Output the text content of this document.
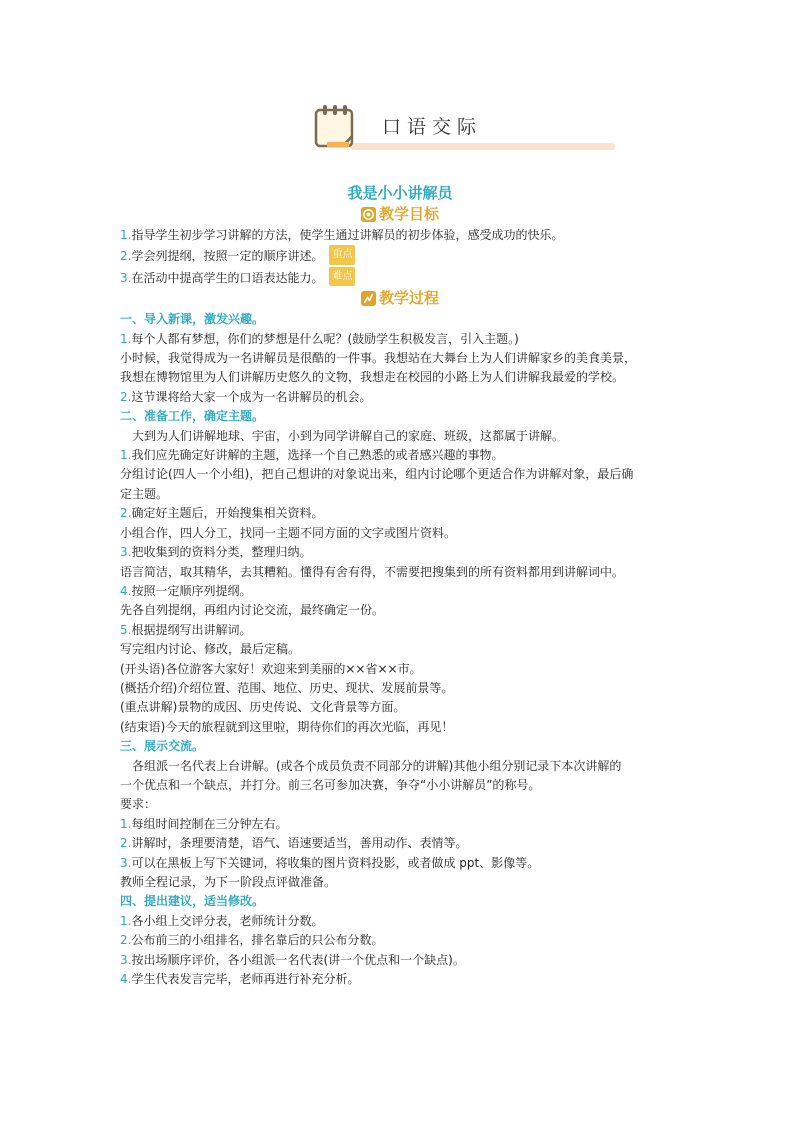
口语交际
我是小小讲解员
教学目标
1.指导学生初步学习讲解的方法，使学生通过讲解员的初步体验，感受成功的快乐。
2.学会列提纲，按照一定的顺序讲述。 重点
3.在活动中提高学生的口语表达能力。 难点
教学过程
一、导入新课，激发兴趣。
1.每个人都有梦想，你们的梦想是什么呢？(鼓励学生积极发言，引入主题。)
小时候，我觉得成为一名讲解员是很酷的一件事。我想站在大舞台上为人们讲解家乡的美食美景，
我想在博物馆里为人们讲解历史悠久的文物，我想走在校园的小路上为人们讲解我最爱的学校。
2.这节课将给大家一个成为一名讲解员的机会。
二、准备工作，确定主题。
大到为人们讲解地球、宇宙，小到为同学讲解自己的家庭、班级，这都属于讲解。
1.我们应先确定好讲解的主题，选择一个自己熟悉的或者感兴趣的事物。
分组讨论(四人一个小组)，把自己想讲的对象说出来，组内讨论哪个更适合作为讲解对象，最后确
定主题。
2.确定好主题后，开始搜集相关资料。
小组合作，四人分工，找同一主题不同方面的文字或图片资料。
3.把收集到的资料分类，整理归纳。
语言简洁，取其精华，去其糟粕。懂得有舍有得，不需要把搜集到的所有资料都用到讲解词中。
4.按照一定顺序列提纲。
先各自列提纲，再组内讨论交流，最终确定一份。
5.根据提纲写出讲解词。
写完组内讨论、修改，最后定稿。
(开头语)各位游客大家好！欢迎来到美丽的××省××市。
(概括介绍)介绍位置、范围、地位、历史、现状、发展前景等。
(重点讲解)景物的成因、历史传说、文化背景等方面。
(结束语)今天的旅程就到这里啦，期待你们的再次光临，再见！
三、展示交流。
各组派一名代表上台讲解。(或各个成员负责不同部分的讲解)其他小组分别记录下本次讲解的
一个优点和一个缺点，并打分。前三名可参加决赛，争夺“小小讲解员”的称号。
要求：
1.每组时间控制在三分钟左右。
2.讲解时，条理要清楚，语气、语速要适当，善用动作、表情等。
3.可以在黑板上写下关键词，将收集的图片资料投影，或者做成 ppt、影像等。
教师全程记录，为下一阶段点评做准备。
四、提出建议，适当修改。
1.各小组上交评分表，老师统计分数。
2.公布前三的小组排名，排名靠后的只公布分数。
3.按出场顺序评价，各小组派一名代表(讲一个优点和一个缺点)。
4.学生代表发言完毕，老师再进行补充分析。
